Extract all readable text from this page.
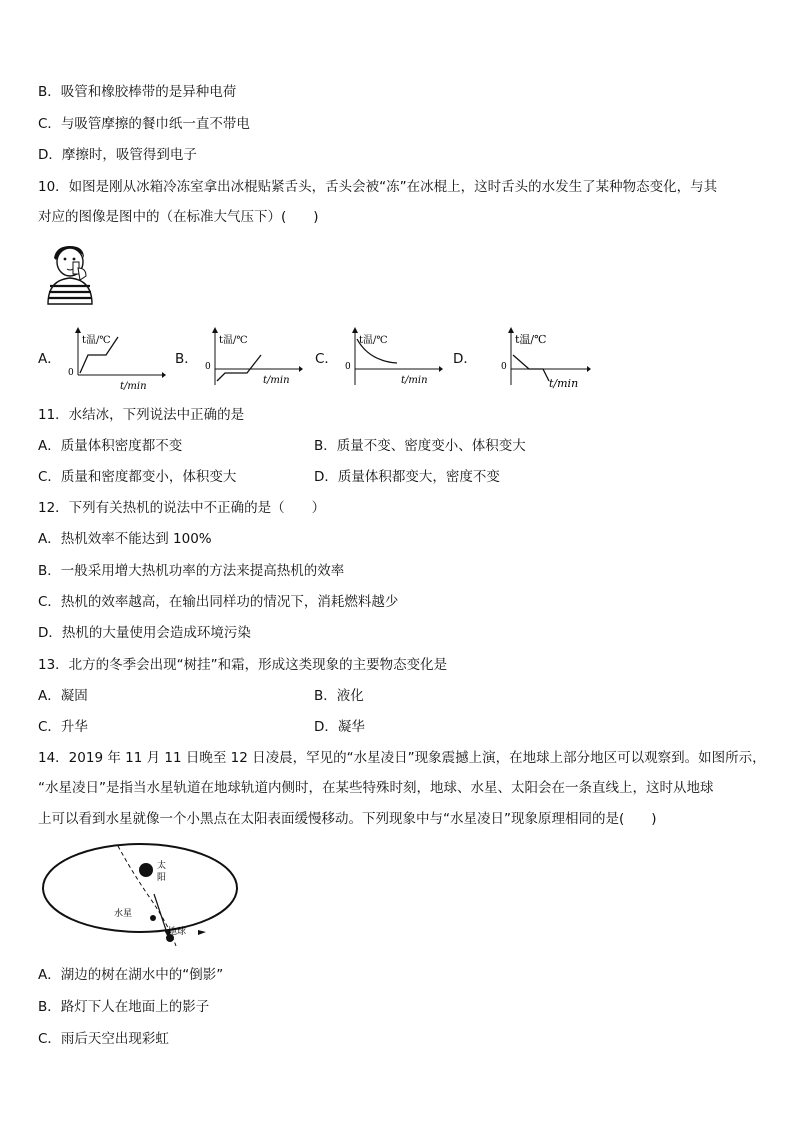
B．吸管和橡胶棒带的是异种电荷
C．与吸管摩擦的餐巾纸一直不带电
D．摩擦时，吸管得到电子
10．如图是刚从冰箱冷冻室拿出冰棍贴紧舌头，舌头会被“冻”在冰棍上，这时舌头的水发生了某种物态变化，与其
对应的图像是图中的（在标准大气压下）(　　)
A．
t温/℃
t/min
0
B．
t温/℃
t/min
0	C．
t温/℃
t/min
0	D．
t温/℃
t/min
0
11．水结冰，下列说法中正确的是
A．质量体积密度都不变	B．质量不变、密度变小、体积变大
C．质量和密度都变小，体积变大	D．质量体积都变大，密度不变
12．下列有关热机的说法中不正确的是（　　）
A．热机效率不能达到 100%
B．一般采用增大热机功率的方法来提高热机的效率
C．热机的效率越高，在输出同样功的情况下，消耗燃料越少
D．热机的大量使用会造成环境污染
13．北方的冬季会出现“树挂”和霜，形成这类现象的主要物态变化是
A．凝固	B．液化
C．升华	D．凝华
14．2019 年 11 月 11 日晚至 12 日凌晨，罕见的“水星凌日”现象震撼上演，在地球上部分地区可以观察到。如图所示，
“水星凌日”是指当水星轨道在地球轨道内侧时，在某些特殊时刻，地球、水星、太阳会在一条直线上，这时从地球
上可以看到水星就像一个小黑点在太阳表面缓慢移动。下列现象中与“水星凌日”现象原理相同的是(　　)
太
阳
水星
地球
A．湖边的树在湖水中的“倒影”
B．路灯下人在地面上的影子
C．雨后天空出现彩虹
